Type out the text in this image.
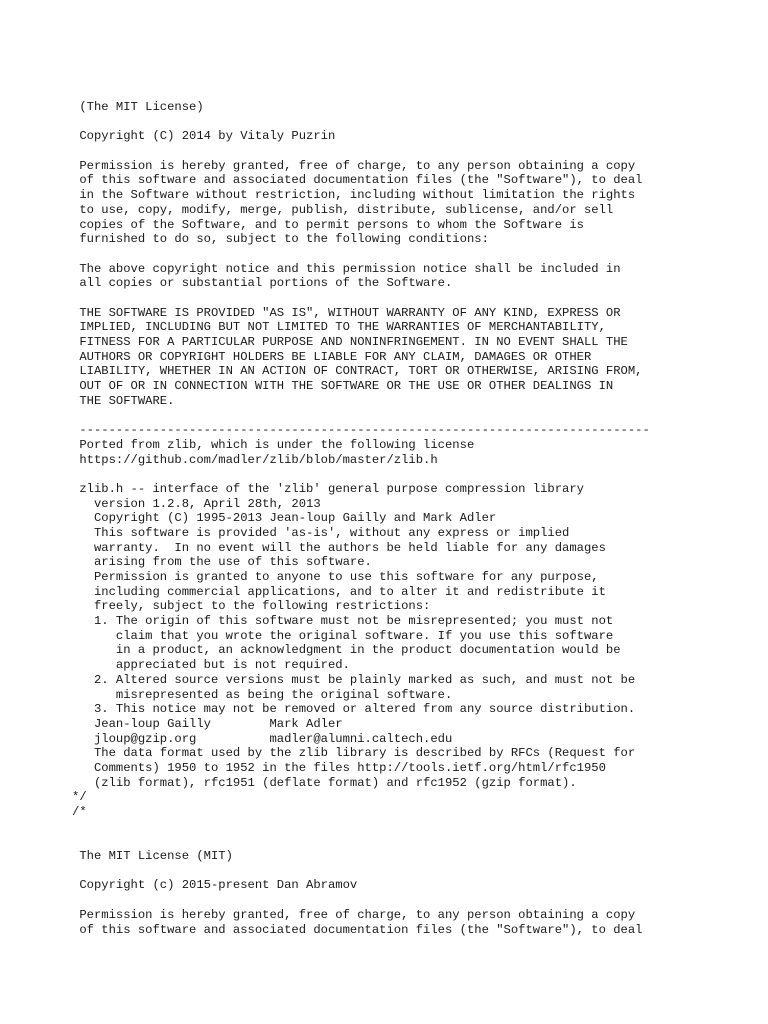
(The MIT License)
Copyright (C) 2014 by Vitaly Puzrin
Permission is hereby granted, free of charge, to any person obtaining a copy
of this software and associated documentation files (the "Software"), to deal
in the Software without restriction, including without limitation the rights
to use, copy, modify, merge, publish, distribute, sublicense, and/or sell
copies of the Software, and to permit persons to whom the Software is
furnished to do so, subject to the following conditions:
The above copyright notice and this permission notice shall be included in
all copies or substantial portions of the Software.
THE SOFTWARE IS PROVIDED "AS IS", WITHOUT WARRANTY OF ANY KIND, EXPRESS OR
IMPLIED, INCLUDING BUT NOT LIMITED TO THE WARRANTIES OF MERCHANTABILITY,
FITNESS FOR A PARTICULAR PURPOSE AND NONINFRINGEMENT. IN NO EVENT SHALL THE
AUTHORS OR COPYRIGHT HOLDERS BE LIABLE FOR ANY CLAIM, DAMAGES OR OTHER
LIABILITY, WHETHER IN AN ACTION OF CONTRACT, TORT OR OTHERWISE, ARISING FROM,
OUT OF OR IN CONNECTION WITH THE SOFTWARE OR THE USE OR OTHER DEALINGS IN
THE SOFTWARE.
------------------------------------------------------------------------------
Ported from zlib, which is under the following license
https://github.com/madler/zlib/blob/master/zlib.h
zlib.h -- interface of the 'zlib' general purpose compression library
version 1.2.8, April 28th, 2013
Copyright (C) 1995-2013 Jean-loup Gailly and Mark Adler
This software is provided 'as-is', without any express or implied
warranty.  In no event will the authors be held liable for any damages
arising from the use of this software.
Permission is granted to anyone to use this software for any purpose,
including commercial applications, and to alter it and redistribute it
freely, subject to the following restrictions:
1. The origin of this software must not be misrepresented; you must not
claim that you wrote the original software. If you use this software
in a product, an acknowledgment in the product documentation would be
appreciated but is not required.
2. Altered source versions must be plainly marked as such, and must not be
misrepresented as being the original software.
3. This notice may not be removed or altered from any source distribution.
Jean-loup Gailly        Mark Adler
jloup@gzip.org          madler@alumni.caltech.edu
The data format used by the zlib library is described by RFCs (Request for
Comments) 1950 to 1952 in the files http://tools.ietf.org/html/rfc1950
(zlib format), rfc1951 (deflate format) and rfc1952 (gzip format).
*/
/*
The MIT License (MIT)
Copyright (c) 2015-present Dan Abramov
Permission is hereby granted, free of charge, to any person obtaining a copy
of this software and associated documentation files (the "Software"), to deal
